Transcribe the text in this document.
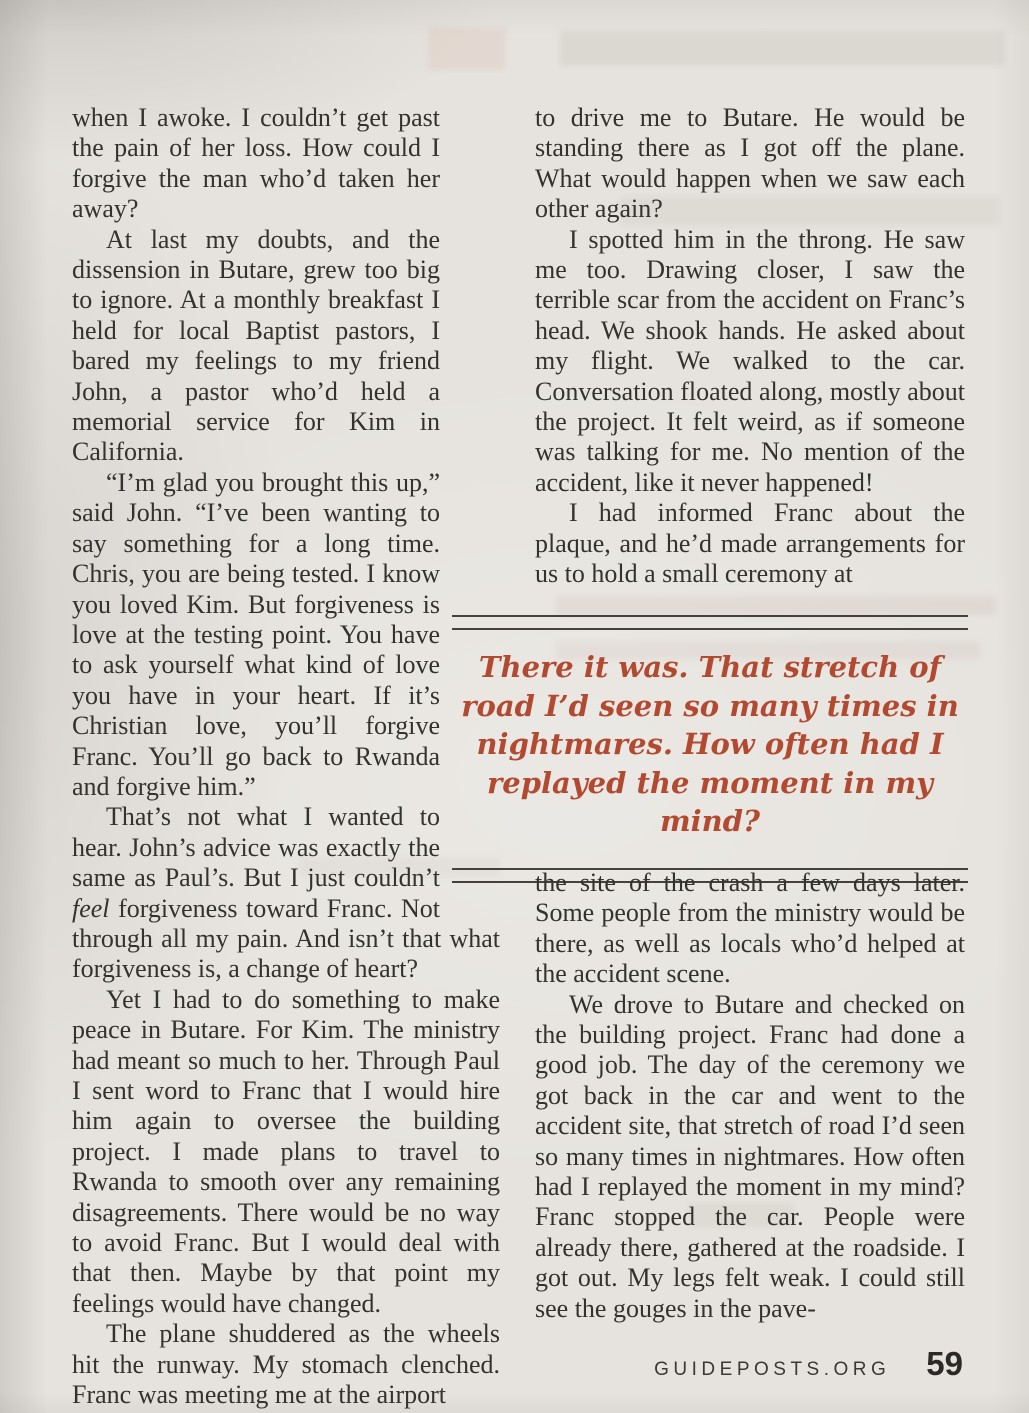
when I awoke. I couldn’t get past the pain of her loss. How could I forgive the man who’d taken her away?

At last my doubts, and the dissension in Butare, grew too big to ignore. At a monthly breakfast I held for local Baptist pastors, I bared my feelings to my friend John, a pastor who’d held a memorial service for Kim in California.

“I’m glad you brought this up,” said John. “I’ve been wanting to say something for a long time. Chris, you are being tested. I know you loved Kim. But forgiveness is love at the testing point. You have to ask yourself what kind of love you have in your heart. If it’s Christian love, you’ll forgive Franc. You’ll go back to Rwanda and forgive him.”

That’s not what I wanted to hear. John’s advice was exactly the same as Paul’s. But I just couldn’t feel forgiveness toward Franc. Not through all my pain. And isn’t that what forgiveness is, a change of heart?

Yet I had to do something to make peace in Butare. For Kim. The ministry had meant so much to her. Through Paul I sent word to Franc that I would hire him again to oversee the building project. I made plans to travel to Rwanda to smooth over any remaining disagreements. There would be no way to avoid Franc. But I would deal with that then. Maybe by that point my feelings would have changed.

The plane shuddered as the wheels hit the runway. My stomach clenched. Franc was meeting me at the airport

to drive me to Butare. He would be standing there as I got off the plane. What would happen when we saw each other again?

I spotted him in the throng. He saw me too. Drawing closer, I saw the terrible scar from the accident on Franc’s head. We shook hands. He asked about my flight. We walked to the car. Conversation floated along, mostly about the project. It felt weird, as if someone was talking for me. No mention of the accident, like it never happened!

I had informed Franc about the plaque, and he’d made arrangements for us to hold a small ceremony at

There it was. That stretch of
road I’d seen so many times in
nightmares. How often had I
replayed the moment in my mind?

the site of the crash a few days later. Some people from the ministry would be there, as well as locals who’d helped at the accident scene.

We drove to Butare and checked on the building project. Franc had done a good job. The day of the ceremony we got back in the car and went to the accident site, that stretch of road I’d seen so many times in nightmares. How often had I replayed the moment in my mind? Franc stopped the car. People were already there, gathered at the roadside. I got out. My legs felt weak. I could still see the gouges in the pave-

GUIDEPOSTS.ORG 59
